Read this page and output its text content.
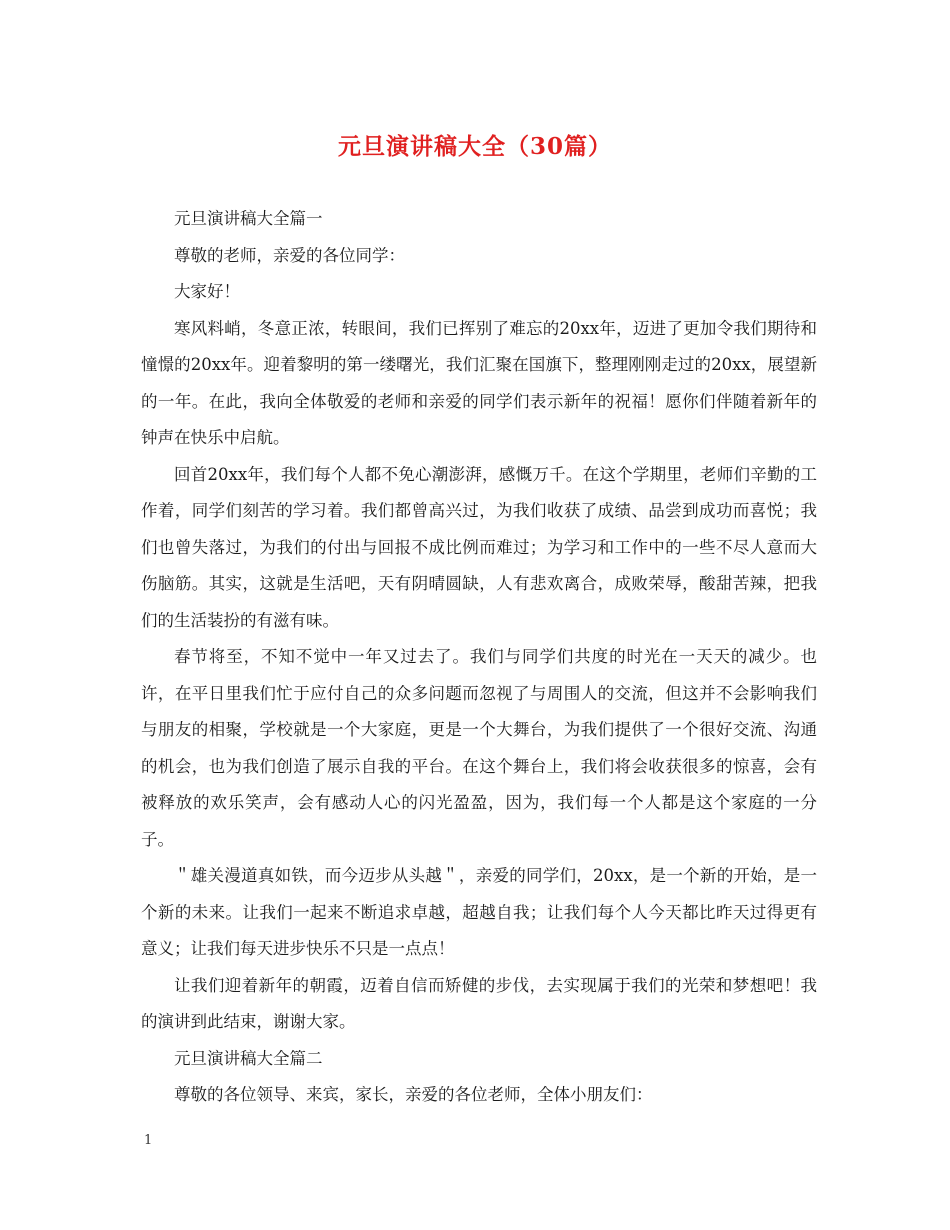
元旦演讲稿大全（30篇）

元旦演讲稿大全篇一

尊敬的老师，亲爱的各位同学：

大家好！

寒风料峭，冬意正浓，转眼间，我们已挥别了难忘的20xx年，迈进了更加令我们期待和憧憬的20xx年。迎着黎明的第一缕曙光，我们汇聚在国旗下，整理刚刚走过的20xx，展望新的一年。在此，我向全体敬爱的老师和亲爱的同学们表示新年的祝福！愿你们伴随着新年的钟声在快乐中启航。

回首20xx年，我们每个人都不免心潮澎湃，感慨万千。在这个学期里，老师们辛勤的工作着，同学们刻苦的学习着。我们都曾高兴过，为我们收获了成绩、品尝到成功而喜悦；我们也曾失落过，为我们的付出与回报不成比例而难过；为学习和工作中的一些不尽人意而大伤脑筋。其实，这就是生活吧，天有阴晴圆缺，人有悲欢离合，成败荣辱，酸甜苦辣，把我们的生活装扮的有滋有味。

春节将至，不知不觉中一年又过去了。我们与同学们共度的时光在一天天的减少。也许，在平日里我们忙于应付自己的众多问题而忽视了与周围人的交流，但这并不会影响我们与朋友的相聚，学校就是一个大家庭，更是一个大舞台，为我们提供了一个很好交流、沟通的机会，也为我们创造了展示自我的平台。在这个舞台上，我们将会收获很多的惊喜，会有被释放的欢乐笑声，会有感动人心的闪光盈盈，因为，我们每一个人都是这个家庭的一分子。

＂雄关漫道真如铁，而今迈步从头越＂，亲爱的同学们，20xx，是一个新的开始，是一个新的未来。让我们一起来不断追求卓越，超越自我；让我们每个人今天都比昨天过得更有意义；让我们每天进步快乐不只是一点点！

让我们迎着新年的朝霞，迈着自信而矫健的步伐，去实现属于我们的光荣和梦想吧！我的演讲到此结束，谢谢大家。

元旦演讲稿大全篇二

尊敬的各位领导、来宾，家长，亲爱的各位老师，全体小朋友们：

1
